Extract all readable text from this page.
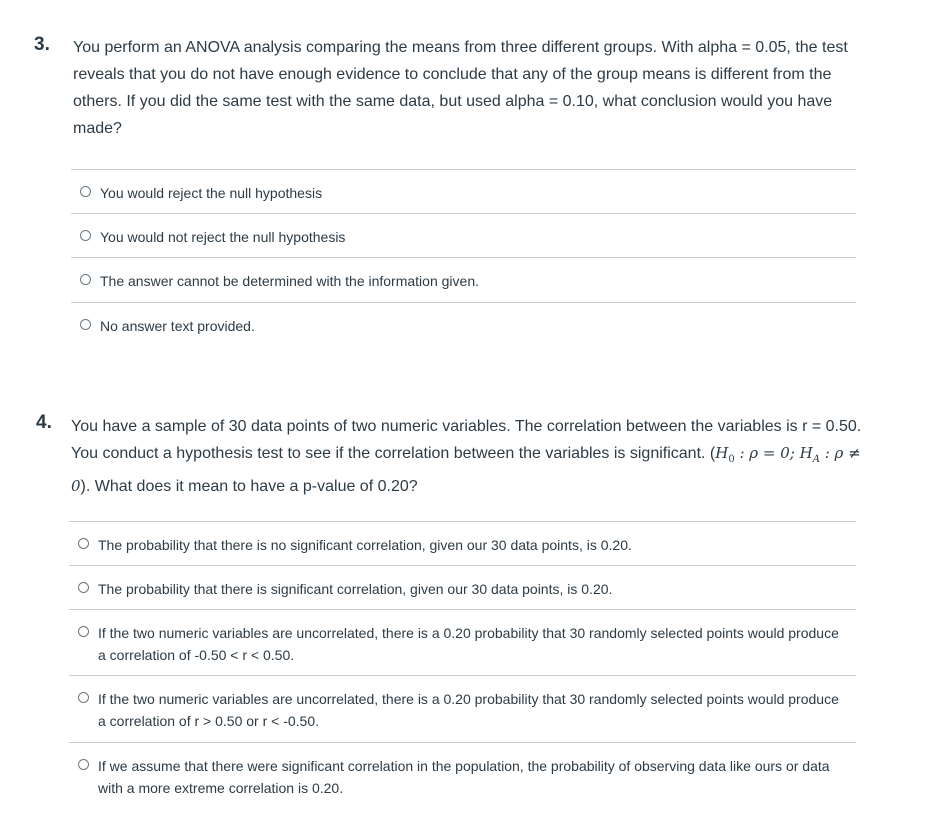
3. You perform an ANOVA analysis comparing the means from three different groups. With alpha = 0.05, the test reveals that you do not have enough evidence to conclude that any of the group means is different from the others. If you did the same test with the same data, but used alpha = 0.10, what conclusion would you have made?
You would reject the null hypothesis
You would not reject the null hypothesis
The answer cannot be determined with the information given.
No answer text provided.
4. You have a sample of 30 data points of two numeric variables. The correlation between the variables is r = 0.50. You conduct a hypothesis test to see if the correlation between the variables is significant. ($H_0$ : ρ = 0; $H_A$ : ρ ≠ 0). What does it mean to have a p-value of 0.20?
The probability that there is no significant correlation, given our 30 data points, is 0.20.
The probability that there is significant correlation, given our 30 data points, is 0.20.
If the two numeric variables are uncorrelated, there is a 0.20 probability that 30 randomly selected points would produce a correlation of -0.50 < r < 0.50.
If the two numeric variables are uncorrelated, there is a 0.20 probability that 30 randomly selected points would produce a correlation of r > 0.50 or r < -0.50.
If we assume that there were significant correlation in the population, the probability of observing data like ours or data with a more extreme correlation is 0.20.
